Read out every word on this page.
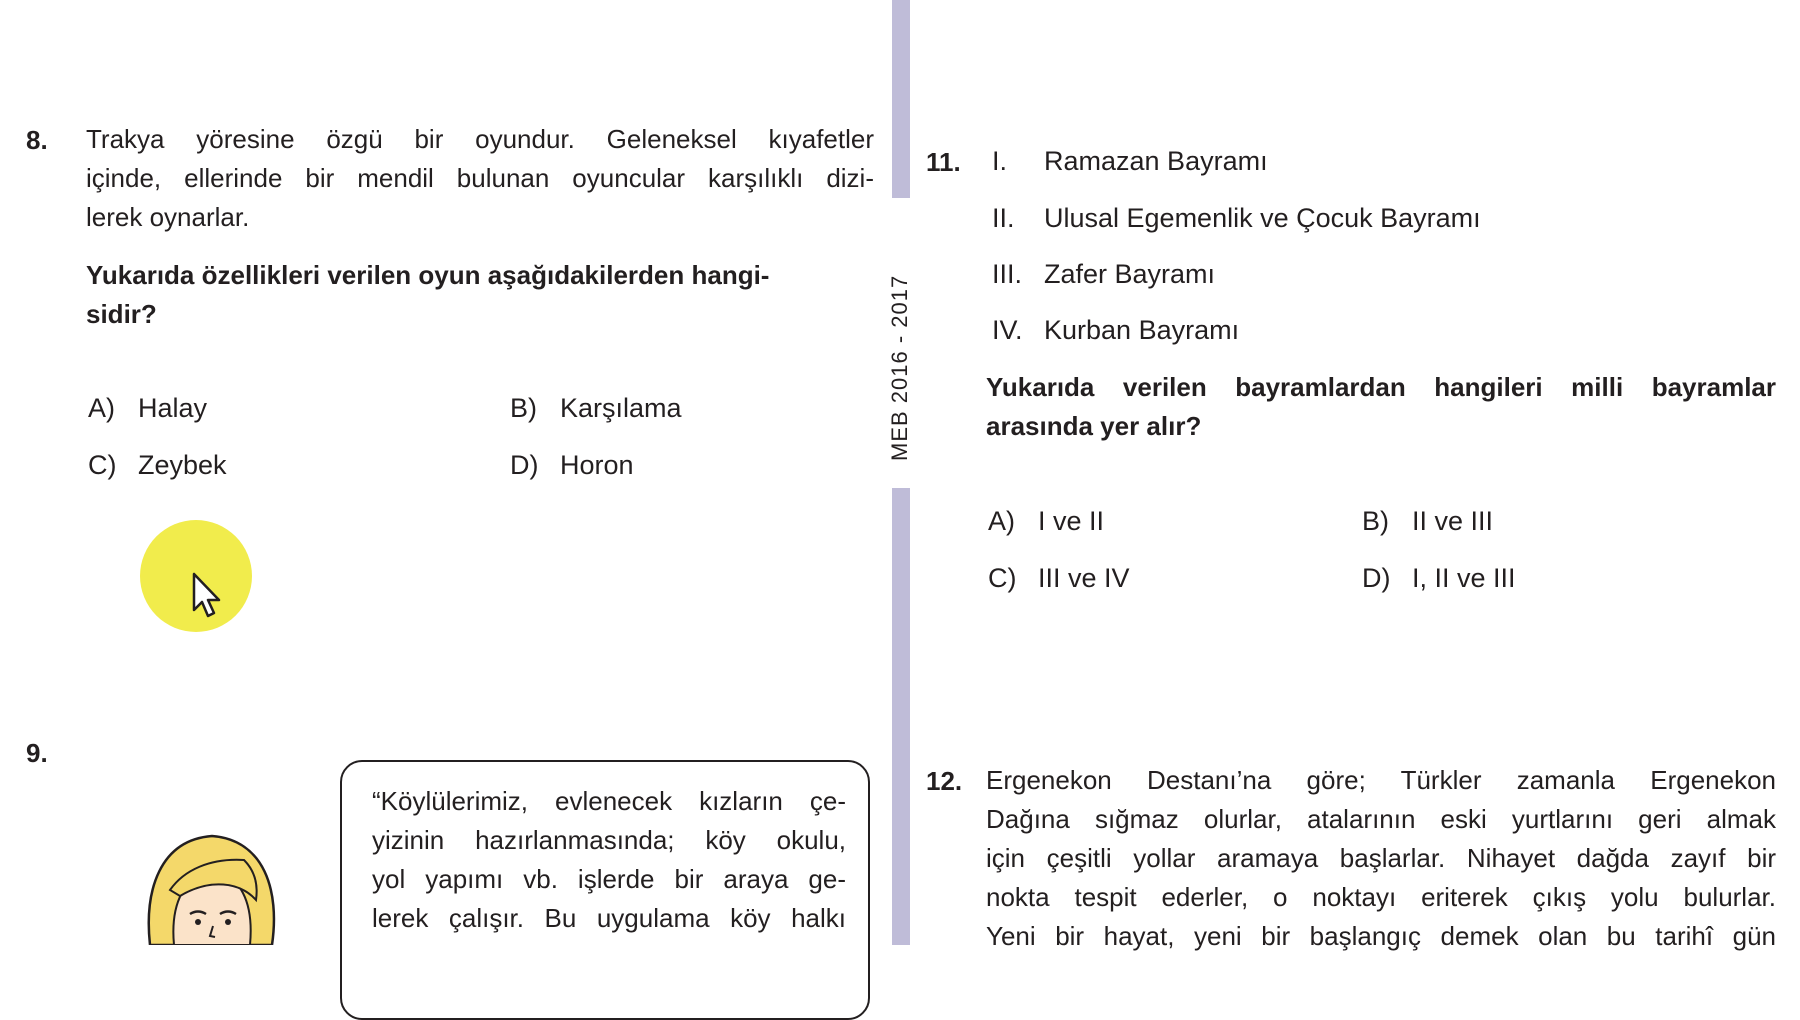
8. Trakya yöresine özgü bir oyundur. Geleneksel kıyafetler
içinde, ellerinde bir mendil bulunan oyuncular karşılıklı dizi-
lerek oynarlar.
Yukarıda özellikleri verilen oyun aşağıdakilerden hangi-
sidir?
A) Halay	B) Karşılama
C) Zeybek	D) Horon
9.

“Köylülerimiz, evlenecek kızların çe-

yizinin hazırlanmasında; köy okulu,

yol yapımı vb. işlerde bir araya ge-

lerek çalışır. Bu uygulama köy halkı

MEB 2016 - 2017
11. I. Ramazan Bayramı
II. Ulusal Egemenlik ve Çocuk Bayramı
III. Zafer Bayramı
IV. Kurban Bayramı
Yukarıda verilen bayramlardan hangileri milli bayramlar
arasında yer alır?
A) I ve II	B) II ve III
C) III ve IV	D) I, II ve III
12. Ergenekon Destanı’na göre; Türkler zamanla Ergenekon
Dağına sığmaz olurlar, atalarının eski yurtlarını geri almak
için çeşitli yollar aramaya başlarlar. Nihayet dağda zayıf bir
nokta tespit ederler, o noktayı eriterek çıkış yolu bulurlar.
Yeni bir hayat, yeni bir başlangıç demek olan bu tarihî gün
